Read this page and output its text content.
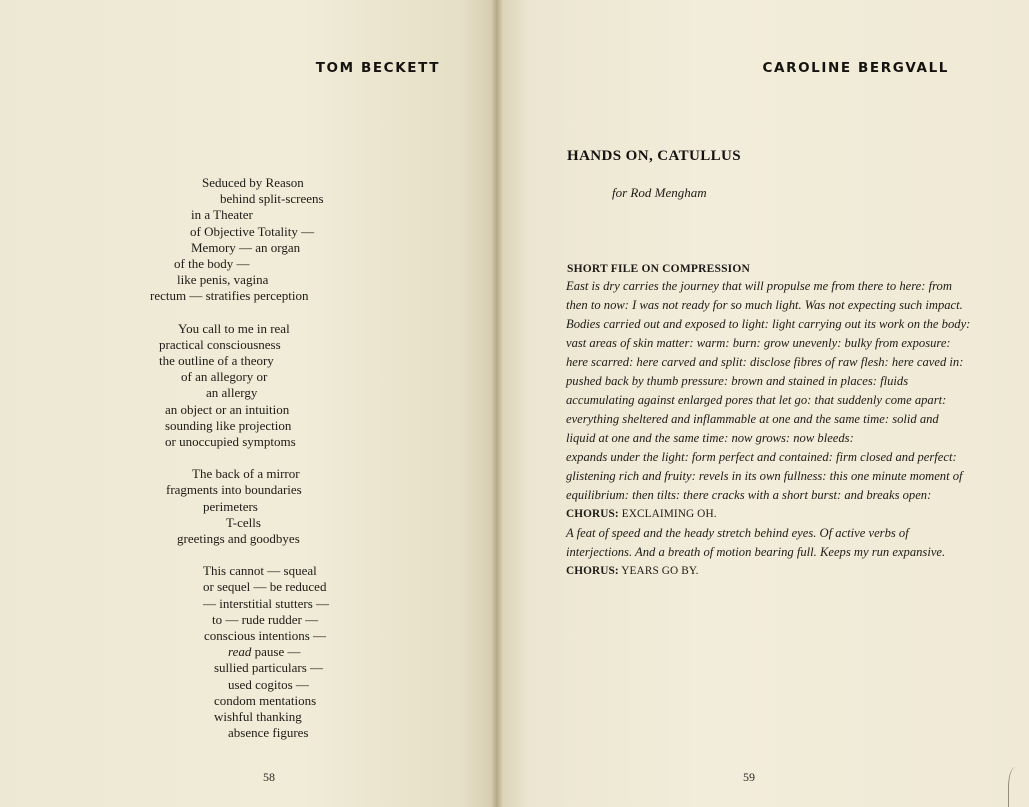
TOM BECKETT
Seduced by Reason
behind split-screens
in a Theater
of Objective Totality —
Memory — an organ
of the body —
like penis, vagina
rectum — stratifies perception
You call to me in real
practical consciousness
the outline of a theory
of an allegory or
an allergy
an object or an intuition
sounding like projection
or unoccupied symptoms
The back of a mirror
fragments into boundaries
perimeters
T-cells
greetings and goodbyes
This cannot — squeal
or sequel — be reduced
— interstitial stutters —
to — rude rudder —
conscious intentions —
read pause —
sullied particulars —
used cogitos —
condom mentations
wishful thanking
absence figures
58
CAROLINE BERGVALL
HANDS ON, CATULLUS
for Rod Mengham
SHORT FILE ON COMPRESSION
East is dry carries the journey that will propulse me from there to here: from
then to now: I was not ready for so much light. Was not expecting such impact.
Bodies carried out and exposed to light: light carrying out its work on the body:
vast areas of skin matter: warm: burn: grow unevenly: bulky from exposure:
here scarred: here carved and split: disclose fibres of raw flesh: here caved in:
pushed back by thumb pressure: brown and stained in places: fluids
accumulating against enlarged pores that let go: that suddenly come apart:
everything sheltered and inflammable at one and the same time: solid and
liquid at one and the same time: now grows: now bleeds:
expands under the light: form perfect and contained: firm closed and perfect:
glistening rich and fruity: revels in its own fullness: this one minute moment of
equilibrium: then tilts: there cracks with a short burst: and breaks open:
CHORUS: EXCLAIMING OH.
A feat of speed and the heady stretch behind eyes. Of active verbs of
interjections. And a breath of motion bearing full. Keeps my run expansive.
CHORUS: YEARS GO BY.
59
